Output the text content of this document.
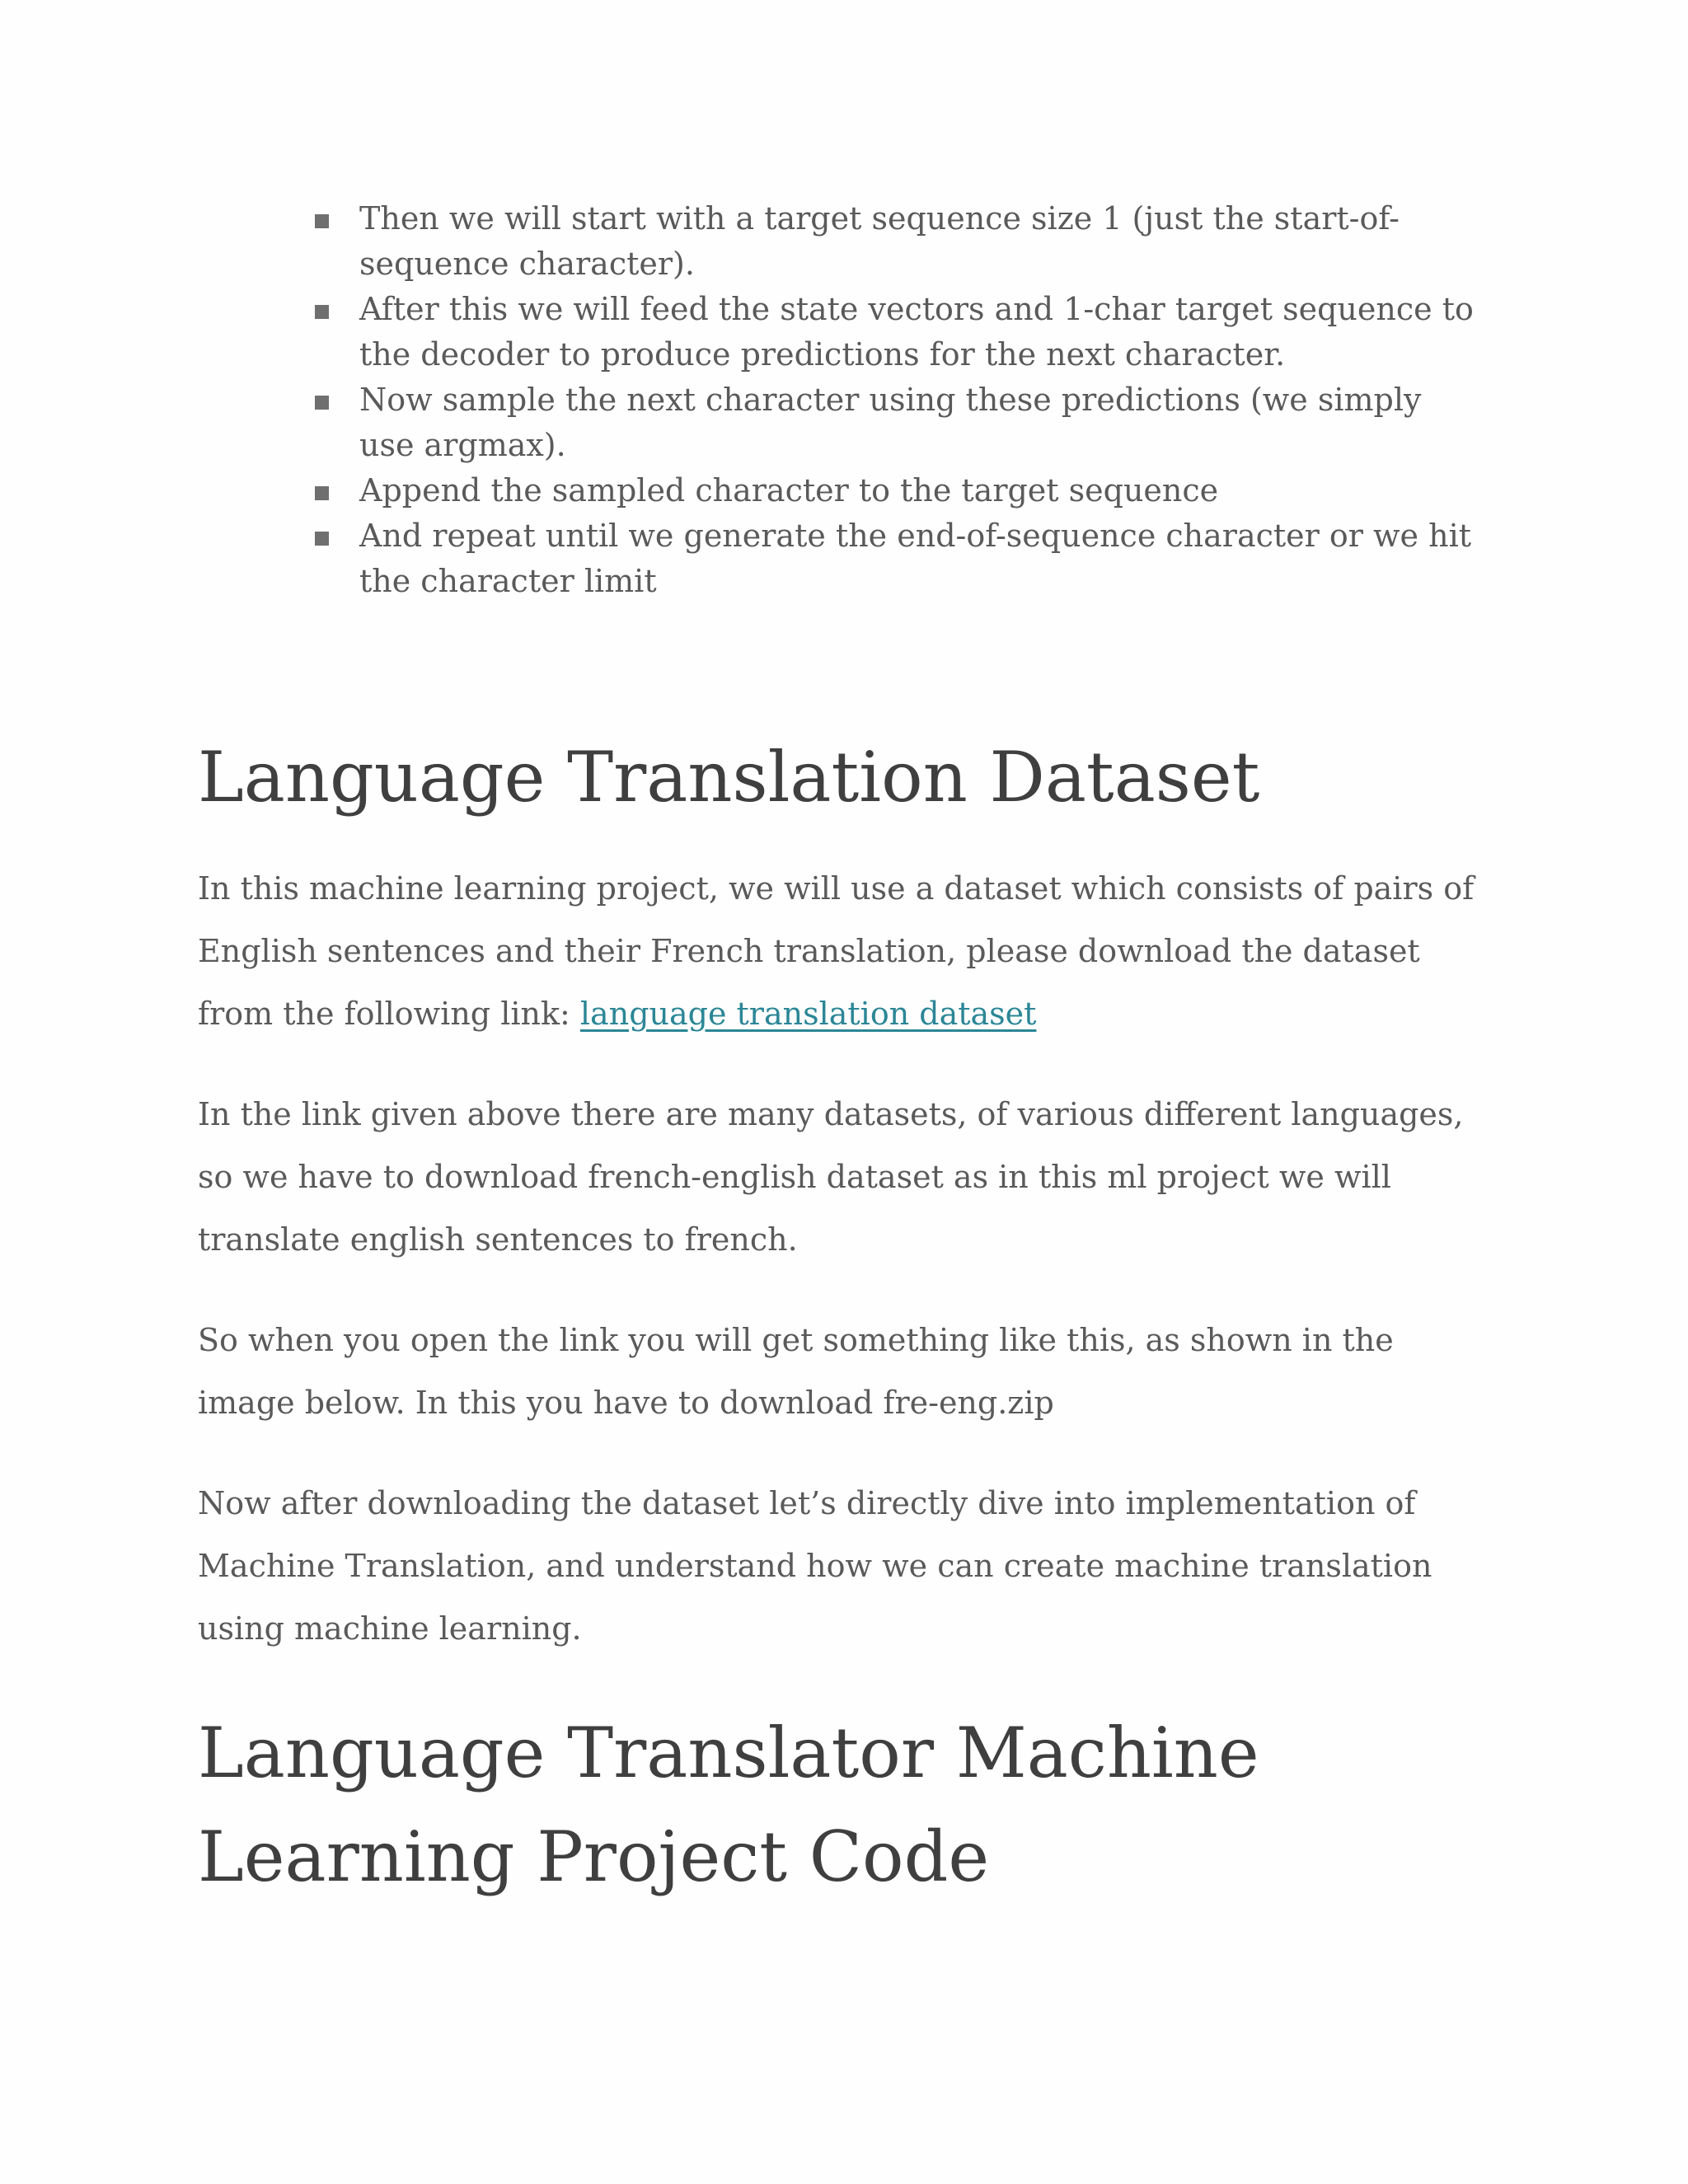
Then we will start with a target sequence size 1 (just the start-of-sequence character).
After this we will feed the state vectors and 1-char target sequence to the decoder to produce predictions for the next character.
Now sample the next character using these predictions (we simply use argmax).
Append the sampled character to the target sequence
And repeat until we generate the end-of-sequence character or we hit the character limit
Language Translation Dataset

In this machine learning project, we will use a dataset which consists of pairs of English sentences and their French translation, please download the dataset from the following link: language translation dataset

In the link given above there are many datasets, of various different languages, so we have to download french-english dataset as in this ml project we will translate english sentences to french.

So when you open the link you will get something like this, as shown in the image below. In this you have to download fre-eng.zip

Now after downloading the dataset let’s directly dive into implementation of Machine Translation, and understand how we can create machine translation using machine learning.

Language Translator Machine Learning Project Code
